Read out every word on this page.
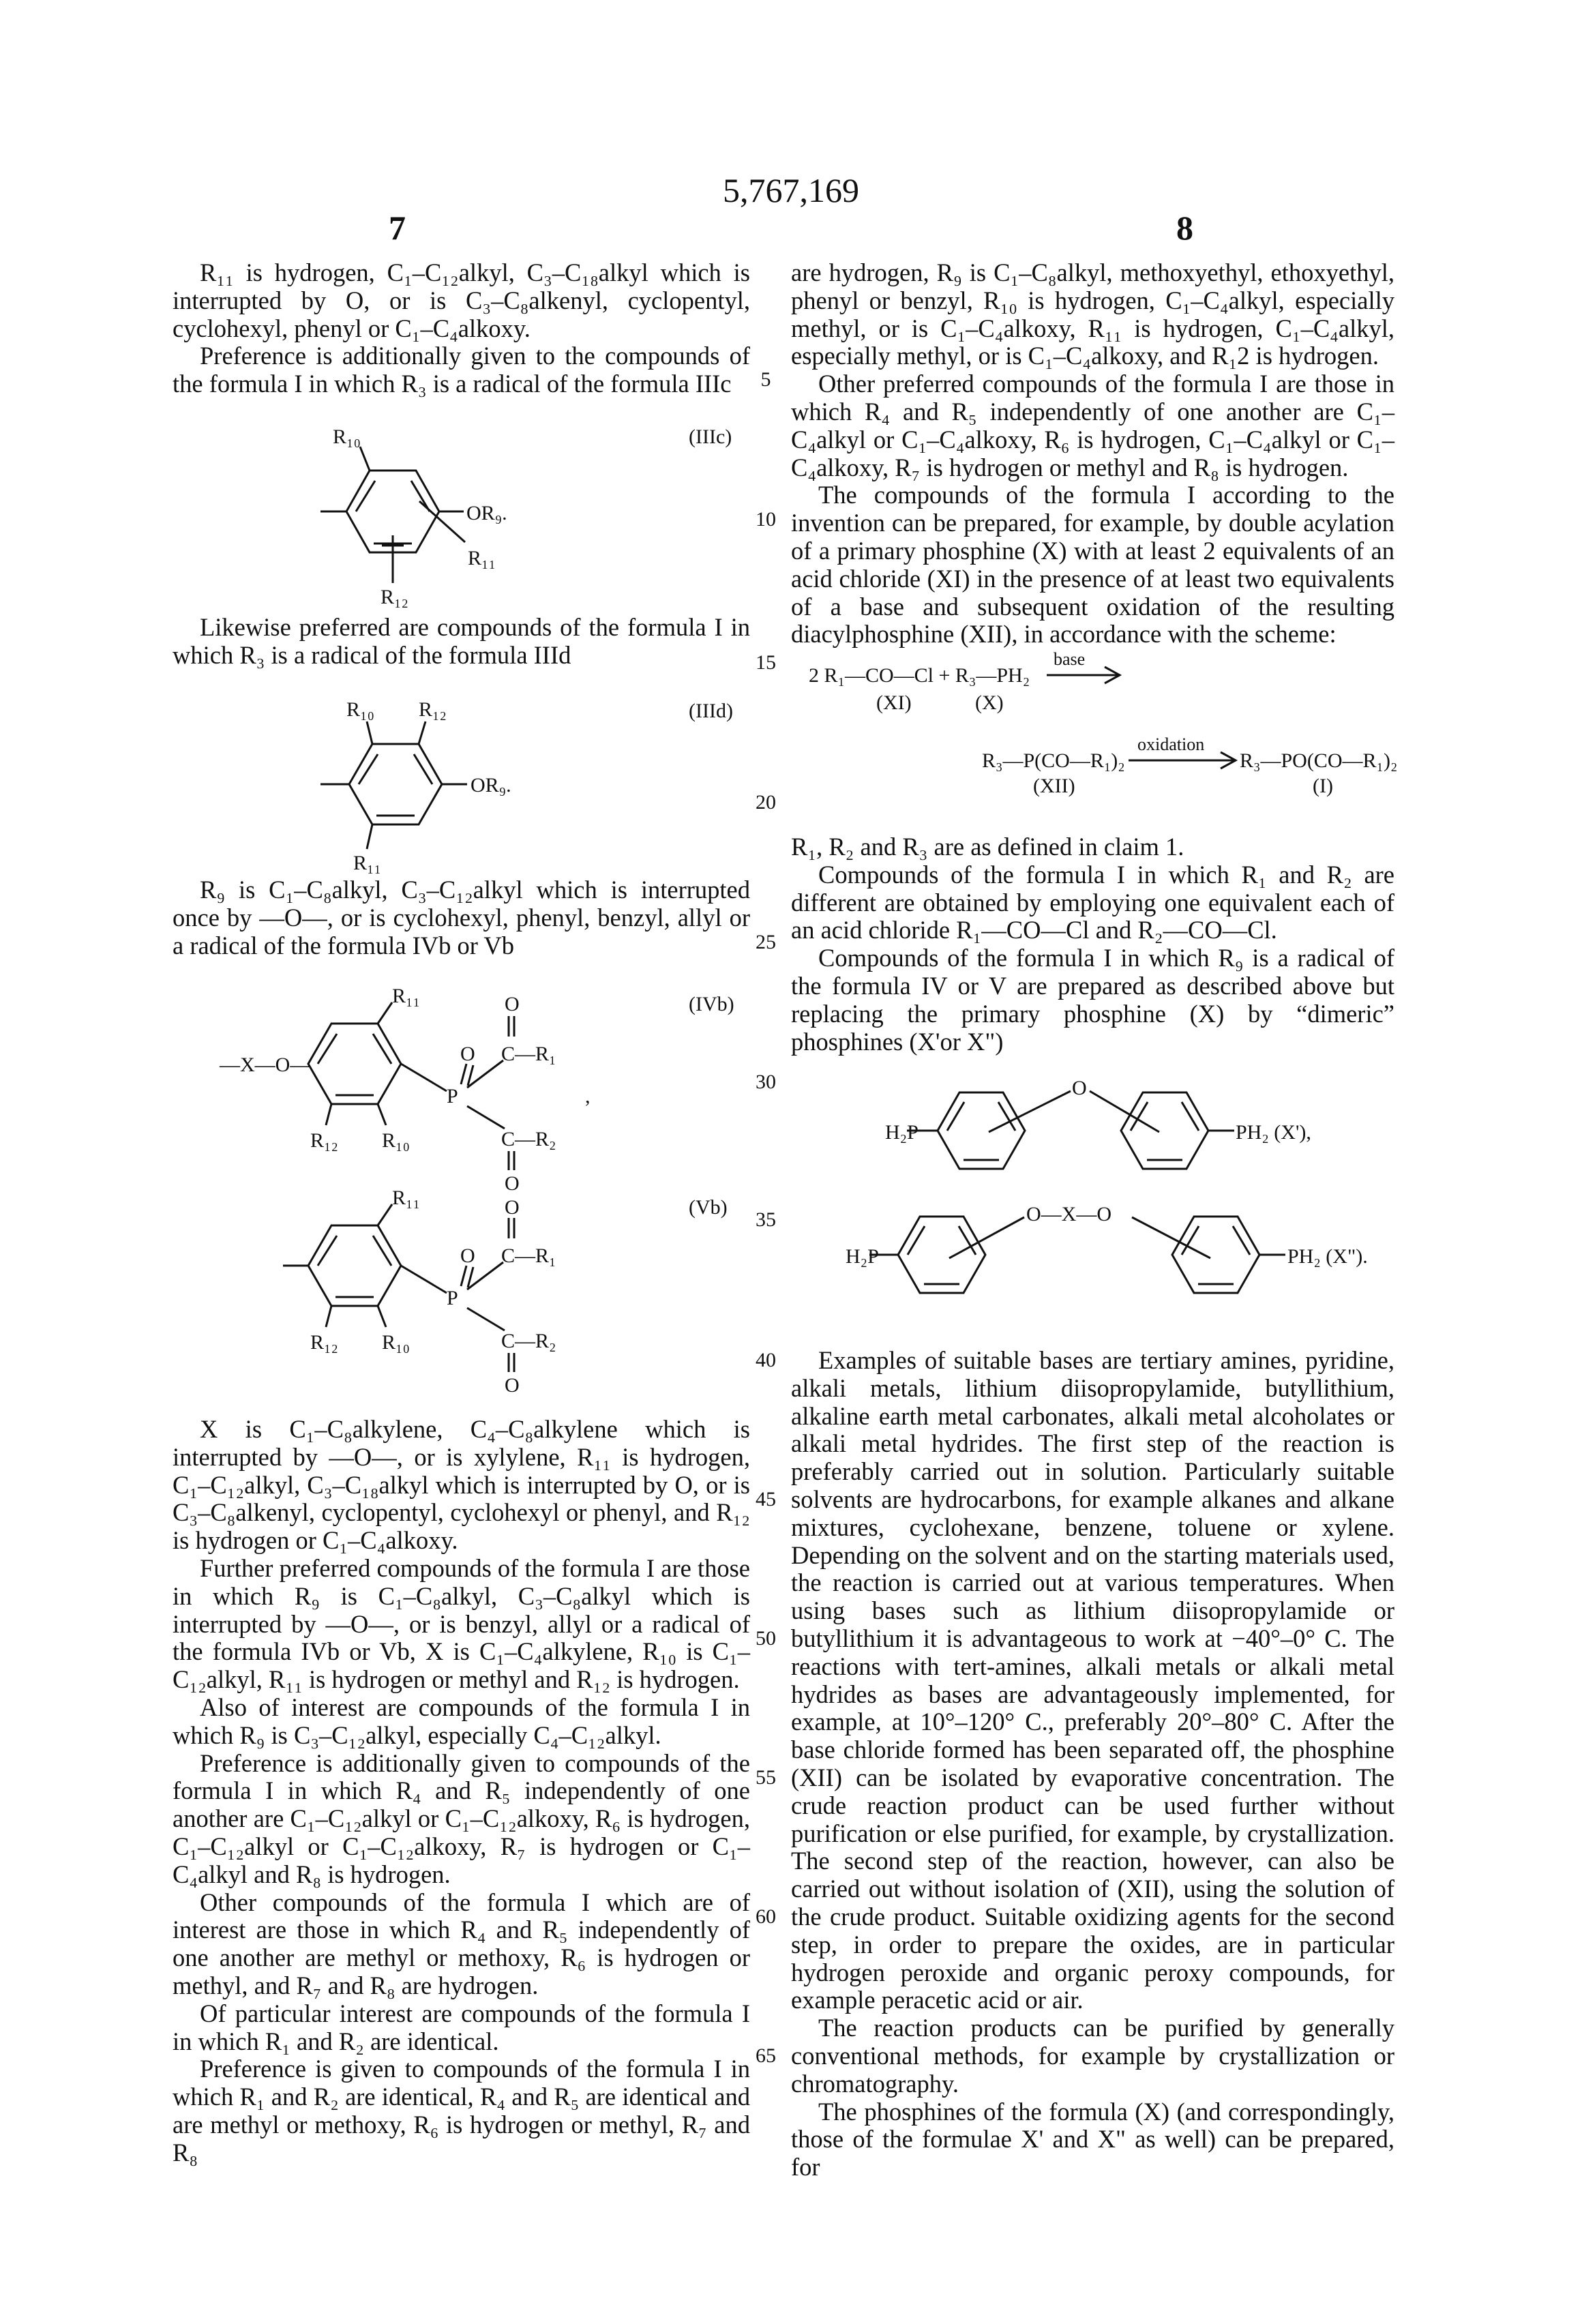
5,767,169
7	8
5
10
15
20
25
30
35
40
45
50
55
60
65

R₁₁ is hydrogen, C₁–C₁₂alkyl, C₃–C₁₈alkyl which is interrupted by O, or is C₃–C₈alkenyl, cyclopentyl, cyclohexyl, phenyl or C₁–C₄alkoxy.

Preference is additionally given to the compounds of the formula I in which R₃ is a radical of the formula IIIc

Likewise preferred are compounds of the formula I in which R₃ is a radical of the formula IIId

R₉ is C₁–C₈alkyl, C₃–C₁₂alkyl which is interrupted once by —O—, or is cyclohexyl, phenyl, benzyl, allyl or a radical of the formula IVb or Vb

X is C₁–C₈alkylene, C₄–C₈alkylene which is interrupted by —O—, or is xylylene, R₁₁ is hydrogen, C₁–C₁₂alkyl, C₃–C₁₈alkyl which is interrupted by O, or is C₃–C₈alkenyl, cyclopentyl, cyclohexyl or phenyl, and R₁₂ is hydrogen or C₁–C₄alkoxy.

Further preferred compounds of the formula I are those in which R₉ is C₁–C₈alkyl, C₃–C₈alkyl which is interrupted by —O—, or is benzyl, allyl or a radical of the formula IVb or Vb, X is C₁–C₄alkylene, R₁₀ is C₁–C₁₂alkyl, R₁₁ is hydrogen or methyl and R₁₂ is hydrogen.

Also of interest are compounds of the formula I in which R₉ is C₃–C₁₂alkyl, especially C₄–C₁₂alkyl.

Preference is additionally given to compounds of the formula I in which R₄ and R₅ independently of one another are C₁–C₁₂alkyl or C₁–C₁₂alkoxy, R₆ is hydrogen, C₁–C₁₂alkyl or C₁–C₁₂alkoxy, R₇ is hydrogen or C₁–C₄alkyl and R₈ is hydrogen.

Other compounds of the formula I which are of interest are those in which R₄ and R₅ independently of one another are methyl or methoxy, R₆ is hydrogen or methyl, and R₇ and R₈ are hydrogen.

Of particular interest are compounds of the formula I in which R₁ and R₂ are identical.

Preference is given to compounds of the formula I in which R₁ and R₂ are identical, R₄ and R₅ are identical and are methyl or methoxy, R₆ is hydrogen or methyl, R₇ and R₈

are hydrogen, R₉ is C₁–C₈alkyl, methoxyethyl, ethoxyethyl, phenyl or benzyl, R₁₀ is hydrogen, C₁–C₄alkyl, especially methyl, or is C₁–C₄alkoxy, R₁₁ is hydrogen, C₁–C₄alkyl, especially methyl, or is C₁–C₄alkoxy, and R₁2 is hydrogen.

Other preferred compounds of the formula I are those in which R₄ and R₅ independently of one another are C₁–C₄alkyl or C₁–C₄alkoxy, R₆ is hydrogen, C₁–C₄alkyl or C₁–C₄alkoxy, R₇ is hydrogen or methyl and R₈ is hydrogen.

The compounds of the formula I according to the invention can be prepared, for example, by double acylation of a primary phosphine (X) with at least 2 equivalents of an acid chloride (XI) in the presence of at least two equivalents of a base and subsequent oxidation of the resulting diacylphosphine (XII), in accordance with the scheme:

R₁, R₂ and R₃ are as defined in claim 1.

Compounds of the formula I in which R₁ and R₂ are different are obtained by employing one equivalent each of an acid chloride R₁—CO—Cl and R₂—CO—Cl.

Compounds of the formula I in which R₉ is a radical of the formula IV or V are prepared as described above but replacing the primary phosphine (X) by “dimeric” phosphines (X'or X")

Examples of suitable bases are tertiary amines, pyridine, alkali metals, lithium diisopropylamide, butyllithium, alkaline earth metal carbonates, alkali metal alcoholates or alkali metal hydrides. The first step of the reaction is preferably carried out in solution. Particularly suitable solvents are hydrocarbons, for example alkanes and alkane mixtures, cyclohexane, benzene, toluene or xylene. Depending on the solvent and on the starting materials used, the reaction is carried out at various temperatures. When using bases such as lithium diisopropylamide or butyllithium it is advantageous to work at −40°–0° C. The reactions with tert-amines, alkali metals or alkali metal hydrides as bases are advantageously implemented, for example, at 10°–120° C., preferably 20°–80° C. After the base chloride formed has been separated off, the phosphine (XII) can be isolated by evaporative concentration. The crude reaction product can be used further without purification or else purified, for example, by crystallization. The second step of the reaction, however, can also be carried out without isolation of (XII), using the solution of the crude product. Suitable oxidizing agents for the second step, in order to prepare the oxides, are in particular hydrogen peroxide and organic peroxy compounds, for example peracetic acid or air.

The reaction products can be purified by generally conventional methods, for example by crystallization or chromatography.

The phosphines of the formula (X) (and correspondingly, those of the formulae X' and X" as well) can be prepared, for

R₁₀
OR₉.
R₁₁
R₁₂
(IIIc)
R₁₀ R₁₂
OR₉.
R₁₁
(IIId)
—X—O—
R₁₁	O
O C—R₁
P	,
C—R₂
O
R₁₂ R₁₀
(IVb)
R₁₁	O
O C—R₁
P
C—R₂
O
R₁₂ R₁₀
(Vb)
2 R₁—CO—Cl + R₃—PH₂
base
(XI)	(X)
R₃—P(CO—R₁)₂
oxidation
R₃—PO(CO—R₁)₂
(XII)	(I)
H₂P
O
PH₂ (X'),
H₂P
O—X—O
PH₂ (X").
